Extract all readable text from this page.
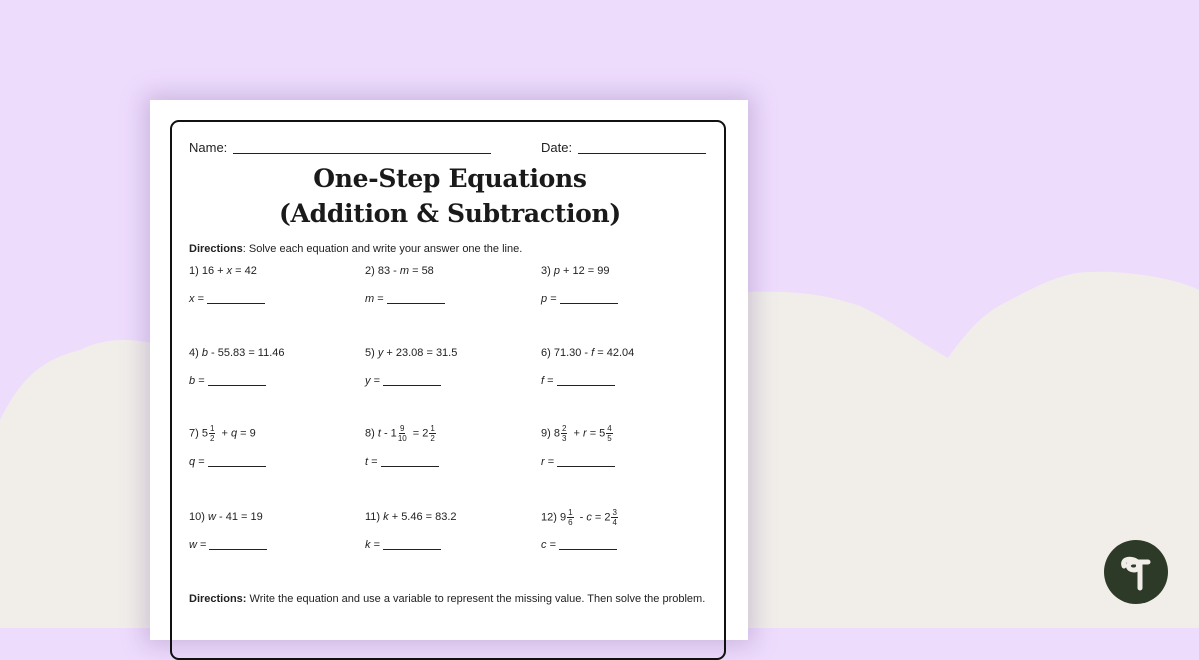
Name:	Date:
One-Step Equations
(Addition & Subtraction)
Directions: Solve each equation and write your answer one the line.
1) 16 + x = 42
x =
2) 83 - m = 58
m =
3) p + 12 = 99
p =
4) b - 55.83 = 11.46
b =
5) y + 23.08 = 31.5
y =
6) 71.30 - f = 42.04
f =
7) $5 \frac{1}{2} + q = 9$
q =
8) $t - 1 \frac{9}{10} = 2 \frac{1}{2}$
t =
9) $8 \frac{2}{3} + r = 5 \frac{4}{5}$
r =
10) w - 41 = 19
w =
11) k + 5.46 = 83.2
k =
12) $9 \frac{1}{6} - c = 2 \frac{3}{4}$
c =
Directions: Write the equation and use a variable to represent the missing value. Then solve the problem.
